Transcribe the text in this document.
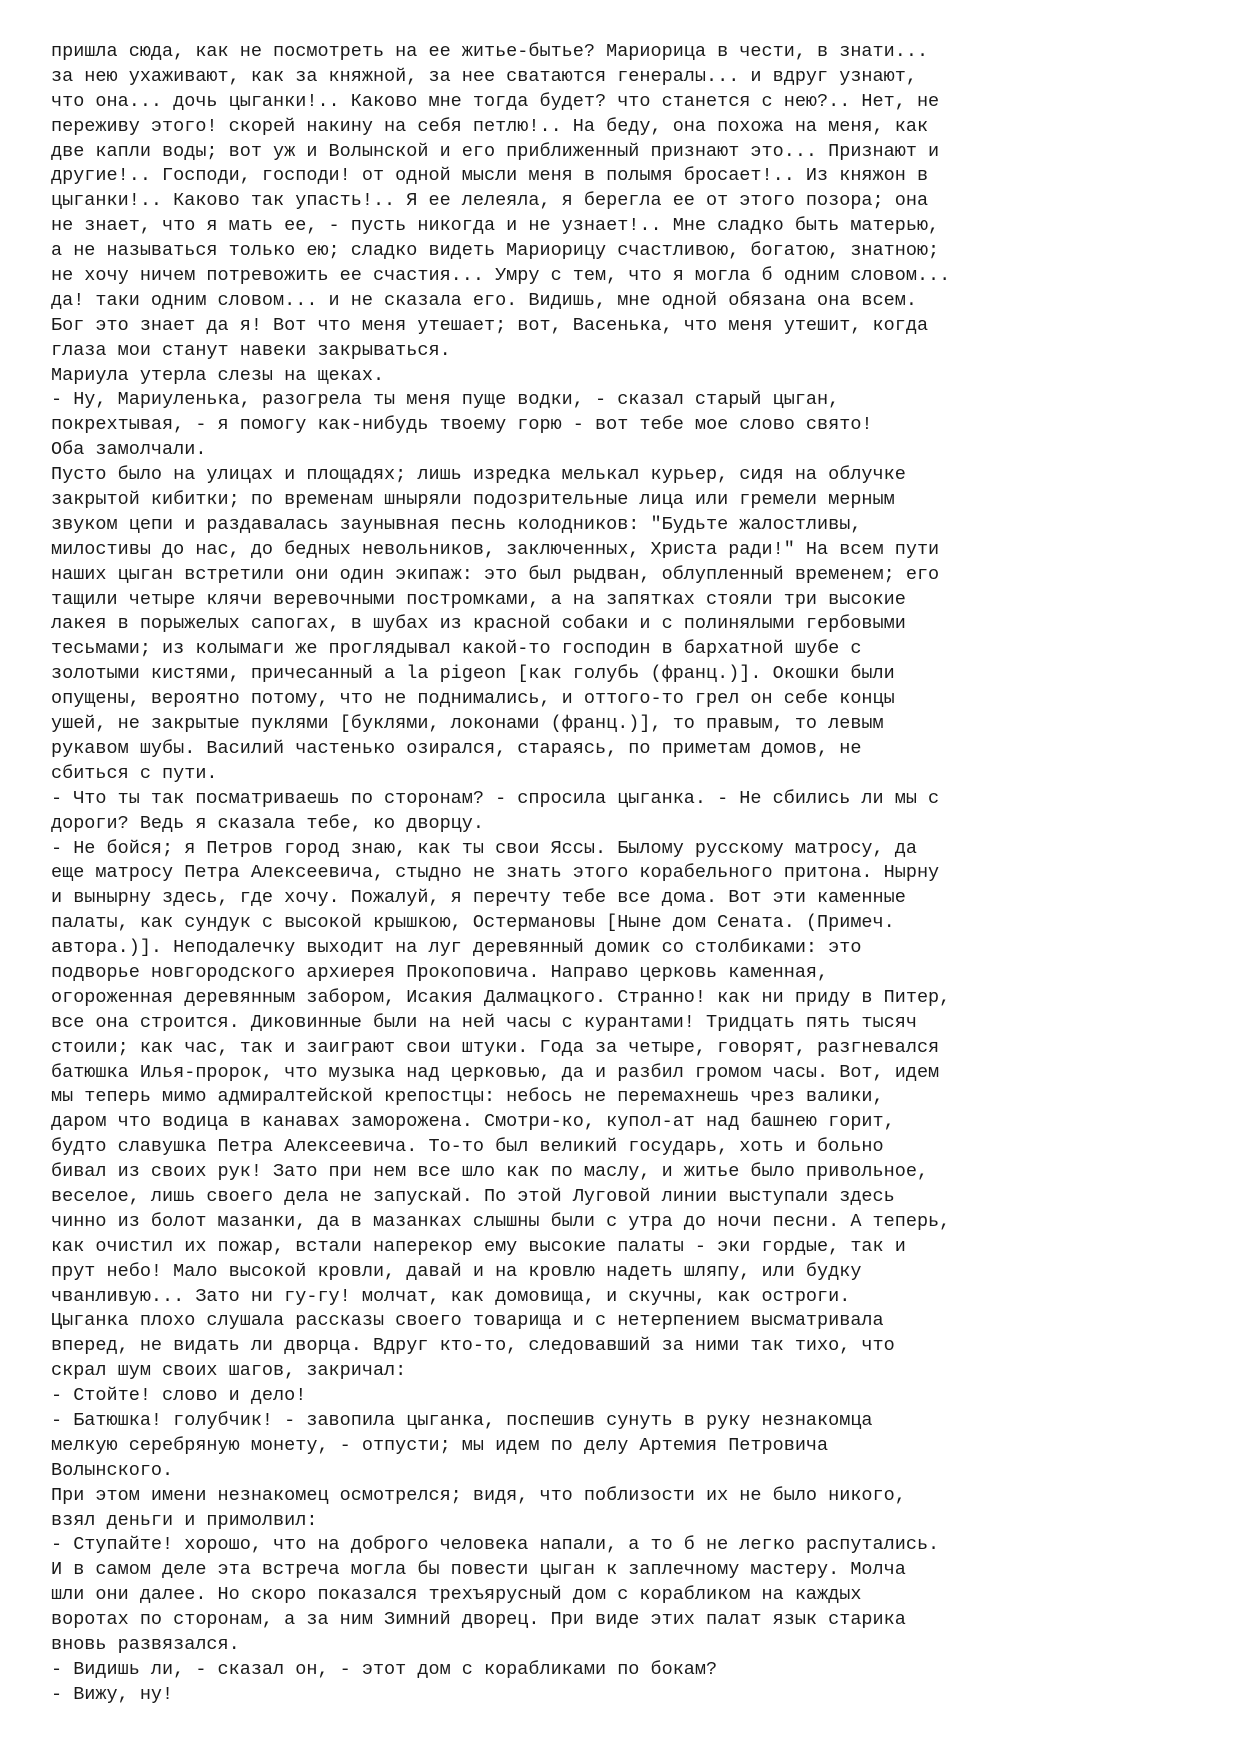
пришла сюда, как не посмотреть на ее житье-бытье? Мариорица в чести, в знати...
за нею ухаживают, как за княжной, за нее сватаются генералы... и вдруг узнают,
что она... дочь цыганки!.. Каково мне тогда будет? что станется с нею?.. Нет, не
переживу этого! скорей накину на себя петлю!.. На беду, она похожа на меня, как
две капли воды; вот уж и Волынской и его приближенный признают это... Признают и
другие!.. Господи, господи! от одной мысли меня в полымя бросает!.. Из княжон в
цыганки!.. Каково так упасть!.. Я ее лелеяла, я берегла ее от этого позора; она
не знает, что я мать ее, - пусть никогда и не узнает!.. Мне сладко быть матерью,
а не называться только ею; сладко видеть Мариорицу счастливою, богатою, знатною;
не хочу ничем потревожить ее счастия... Умру с тем, что я могла б одним словом...
да! таки одним словом... и не сказала его. Видишь, мне одной обязана она всем.
Бог это знает да я! Вот что меня утешает; вот, Васенька, что меня утешит, когда
глаза мои станут навеки закрываться.
Мариула утерла слезы на щеках.
- Ну, Мариуленька, разогрела ты меня пуще водки, - сказал старый цыган,
покрехтывая, - я помогу как-нибудь твоему горю - вот тебе мое слово свято!
Оба замолчали.
Пусто было на улицах и площадях; лишь изредка мелькал курьер, сидя на облучке
закрытой кибитки; по временам шныряли подозрительные лица или гремели мерным
звуком цепи и раздавалась заунывная песнь колодников: "Будьте жалостливы,
милостивы до нас, до бедных невольников, заключенных, Христа ради!" На всем пути
наших цыган встретили они один экипаж: это был рыдван, облупленный временем; его
тащили четыре клячи веревочными постромками, а на запятках стояли три высокие
лакея в порыжелых сапогах, в шубах из красной собаки и с полинялыми гербовыми
тесьмами; из колымаги же проглядывал какой-то господин в бархатной шубе с
золотыми кистями, причесанный a la pigeon [как голубь (франц.)]. Окошки были
опущены, вероятно потому, что не поднимались, и оттого-то грел он себе концы
ушей, не закрытые пуклями [буклями, локонами (франц.)], то правым, то левым
рукавом шубы. Василий частенько озирался, стараясь, по приметам домов, не
сбиться с пути.
- Что ты так посматриваешь по сторонам? - спросила цыганка. - Не сбились ли мы с
дороги? Ведь я сказала тебе, ко дворцу.
- Не бойся; я Петров город знаю, как ты свои Яссы. Былому русскому матросу, да
еще матросу Петра Алексеевича, стыдно не знать этого корабельного притона. Нырну
и вынырну здесь, где хочу. Пожалуй, я перечту тебе все дома. Вот эти каменные
палаты, как сундук с высокой крышкою, Остермановы [Ныне дом Сената. (Примеч.
автора.)]. Неподалечку выходит на луг деревянный домик со столбиками: это
подворье новгородского архиерея Прокоповича. Направо церковь каменная,
огороженная деревянным забором, Исакия Далмацкого. Странно! как ни приду в Питер,
все она строится. Диковинные были на ней часы с курантами! Тридцать пять тысяч
стоили; как час, так и заиграют свои штуки. Года за четыре, говорят, разгневался
батюшка Илья-пророк, что музыка над церковью, да и разбил громом часы. Вот, идем
мы теперь мимо адмиралтейской крепостцы: небось не перемахнешь чрез валики,
даром что водица в канавах заморожена. Смотри-ко, купол-ат над башнею горит,
будто славушка Петра Алексеевича. То-то был великий государь, хоть и больно
бивал из своих рук! Зато при нем все шло как по маслу, и житье было привольное,
веселое, лишь своего дела не запускай. По этой Луговой линии выступали здесь
чинно из болот мазанки, да в мазанках слышны были с утра до ночи песни. А теперь,
как очистил их пожар, встали наперекор ему высокие палаты - эки гордые, так и
прут небо! Мало высокой кровли, давай и на кровлю надеть шляпу, или будку
чванливую... Зато ни гу-гу! молчат, как домовища, и скучны, как остроги.
Цыганка плохо слушала рассказы своего товарища и с нетерпением высматривала
вперед, не видать ли дворца. Вдруг кто-то, следовавший за ними так тихо, что
скрал шум своих шагов, закричал:
- Стойте! слово и дело!
- Батюшка! голубчик! - завопила цыганка, поспешив сунуть в руку незнакомца
мелкую серебряную монету, - отпусти; мы идем по делу Артемия Петровича
Волынского.
При этом имени незнакомец осмотрелся; видя, что поблизости их не было никого,
взял деньги и примолвил:
- Ступайте! хорошо, что на доброго человека напали, а то б не легко распутались.
И в самом деле эта встреча могла бы повести цыган к заплечному мастеру. Молча
шли они далее. Но скоро показался трехъярусный дом с корабликом на каждых
воротах по сторонам, а за ним Зимний дворец. При виде этих палат язык старика
вновь развязался.
- Видишь ли, - сказал он, - этот дом с корабликами по бокам?
- Вижу, ну!
